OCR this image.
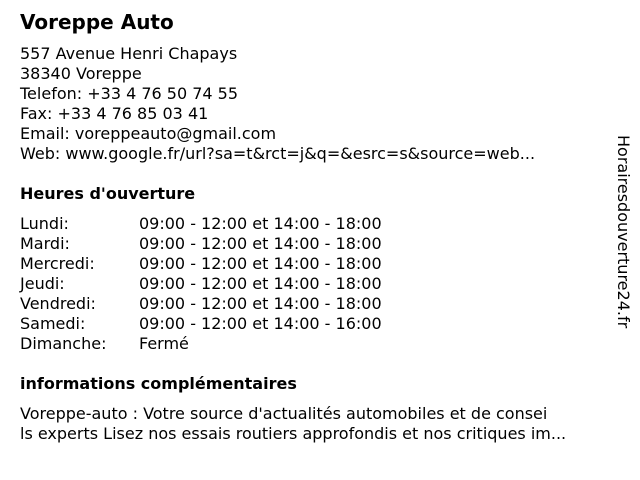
Voreppe Auto
557 Avenue Henri Chapays
38340 Voreppe
Telefon: +33 4 76 50 74 55
Fax: +33 4 76 85 03 41
Email: voreppeauto@gmail.com
Web: www.google.fr/url?sa=t&rct=j&q=&esrc=s&source=web...
Heures d'ouverture
Lundi:	09:00 - 12:00 et 14:00 - 18:00
Mardi:	09:00 - 12:00 et 14:00 - 18:00
Mercredi:	09:00 - 12:00 et 14:00 - 18:00
Jeudi:	09:00 - 12:00 et 14:00 - 18:00
Vendredi:	09:00 - 12:00 et 14:00 - 18:00
Samedi:	09:00 - 12:00 et 14:00 - 16:00
Dimanche: Fermé
informations complémentaires
Voreppe-auto : Votre source d'actualités automobiles et de consei
ls experts Lisez nos essais routiers approfondis et nos critiques im...
Horairesdouverture24.fr
